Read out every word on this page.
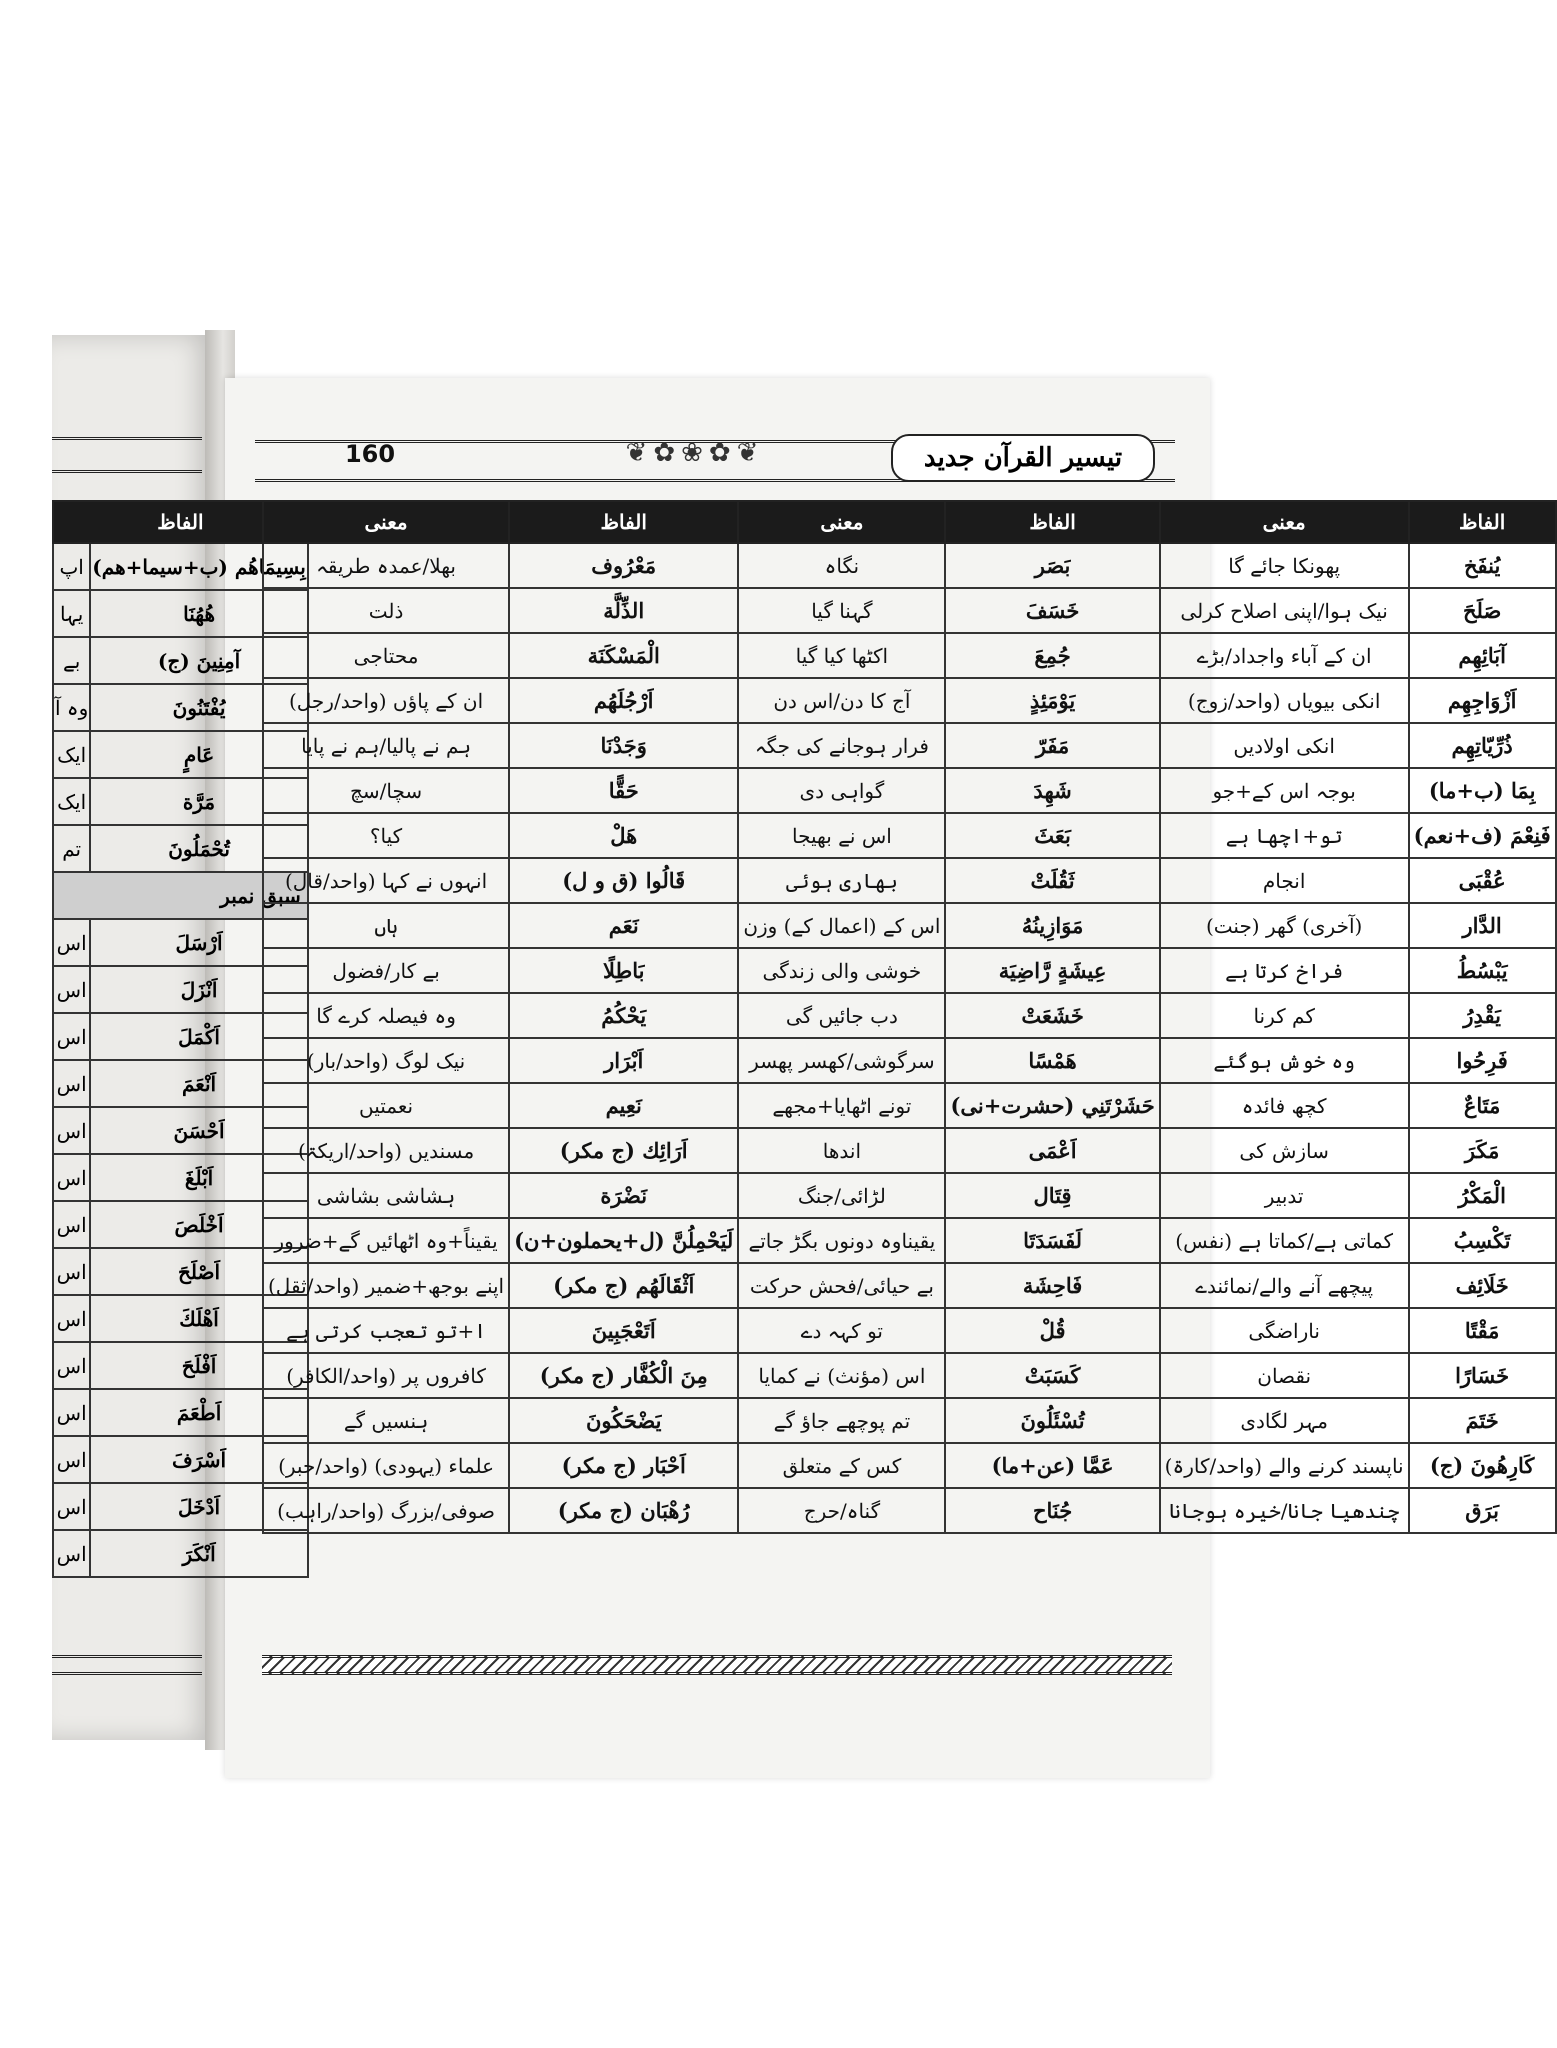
الفاظ	
بِسِيمَاهُم (ب+سیما+ھم)	اپ
هُهُنَا	یہا
آمِنِينَ (ج)	بے
يُفْتَنُونَ	وہ آ
عَامٍ	ایک
مَرَّة	ایک
تُحْمَلُونَ	تم
سبق نمبر	
اَرْسَلَ	اس
اَنْزَلَ	اس
اَكْمَلَ	اس
اَنْعَمَ	اس
اَحْسَنَ	اس
اَبْلَغَ	اس
اَخْلَصَ	اس
اَصْلَحَ	اس
اَهْلَكَ	اس
اَفْلَحَ	اس
اَطْعَمَ	اس
اَسْرَفَ	اس
اَدْخَلَ	اس
اَنْكَرَ	اس
160	❦✿❀✿❦	تیسیر القرآن جدید
الفاظ	معنی	الفاظ	معنی	الفاظ	معنی
يُنفَخ	پھونکا جائے گا	بَصَر	نگاہ	مَعْرُوف	بھلا/عمدہ طریقہ
صَلَحَ	نیک ہوا/اپنی اصلاح کرلی	خَسَفَ	گہنا گیا	الذِّلَّة	ذلت
آبَائِهِم	ان کے آباء واجداد/بڑے	جُمِعَ	اکٹھا کیا گیا	الْمَسْكَنَة	محتاجی
اَزْوَاجِهِم	انکی بیویاں (واحد/زوج)	يَوْمَئِذٍ	آج کا دن/اس دن	اَرْجُلَهُم	ان کے پاؤں (واحد/رجل)
ذُرِّيّاتِهِم	انکی اولادیں	مَفَرّ	فرار ہوجانے کی جگہ	وَجَدْنَا	ہم نے پالیا/ہم نے پایا
بِمَا (ب+ما)	بوجہ اس کے+جو	شَهِدَ	گواہی دی	حَقًّا	سچا/سچ
فَنِعْمَ (ف+نعم)	تو+اچھا ہے	بَعَثَ	اس نے بھیجا	هَلْ	کیا؟
عُقْبَى	انجام	ثَقُلَتْ	بھاری ہوئی	قَالُوا (ق و ل)	انہوں نے کہا (واحد/قال)
الدَّار	(آخری) گھر (جنت)	مَوَازِينُهُ	اس کے (اعمال کے) وزن	نَعَم	ہاں
يَبْسُطُ	فراخ کرتا ہے	عِيشَةٍ رَّاضِيَة	خوشی والی زندگی	بَاطِلًا	بے کار/فضول
يَقْدِرُ	کم کرنا	خَشَعَتْ	دب جائیں گی	يَحْكُمُ	وہ فیصلہ کرے گا
فَرِحُوا	وہ خوش ہوگئے	هَمْسًا	سرگوشی/کھسر پھسر	اَبْرَار	نیک لوگ (واحد/بار)
مَتَاعٌ	کچھ فائدہ	حَشَرْتَنِي (حشرت+نی)	تونے اٹھایا+مجھے	نَعِيم	نعمتیں
مَكَرَ	سازش کی	اَعْمَى	اندھا	اَرَائِك (ج مکر)	مسندیں (واحد/اریکۃ)
الْمَكْرُ	تدبیر	قِتَال	لڑائی/جنگ	نَضْرَة	ہشاشی بشاشی
تَكْسِبُ	کماتی ہے/کماتا ہے (نفس)	لَفَسَدَتَا	یقیناوہ دونوں بگڑ جاتے	لَيَحْمِلُنَّ (ل+یحملون+ن)	یقیناً+وہ اٹھائیں گے+ضرور
خَلَائِف	پیچھے آنے والے/نمائندے	فَاحِشَة	بے حیائی/فحش حرکت	اَثْقَالَهُم (ج مکر)	اپنے بوجھ+ضمیر (واحد/ثقل)
مَقْتًا	ناراضگی	قُلْ	تو کہہ دے	اَتَعْجَبِينَ	ا+تو تعجب کرتی ہے
خَسَارًا	نقصان	كَسَبَتْ	اس (مؤنث) نے کمایا	مِنَ الْكُفَّار (ج مکر)	کافروں پر (واحد/الکافر)
خَتَمَ	مہر لگادی	تُسْئَلُونَ	تم پوچھے جاؤ گے	يَضْحَكُونَ	ہنسیں گے
كَارِهُونَ (ج)	ناپسند کرنے والے (واحد/کارۃ)	عَمَّا (عن+ما)	کس کے متعلق	اَحْبَار (ج مکر)	علماء (یہودی) (واحد/حبر)
بَرَق	چندھیا جانا/خیرہ ہوجانا	جُنَاح	گناہ/حرج	رُهْبَان (ج مکر)	صوفی/بزرگ (واحد/راہب)
